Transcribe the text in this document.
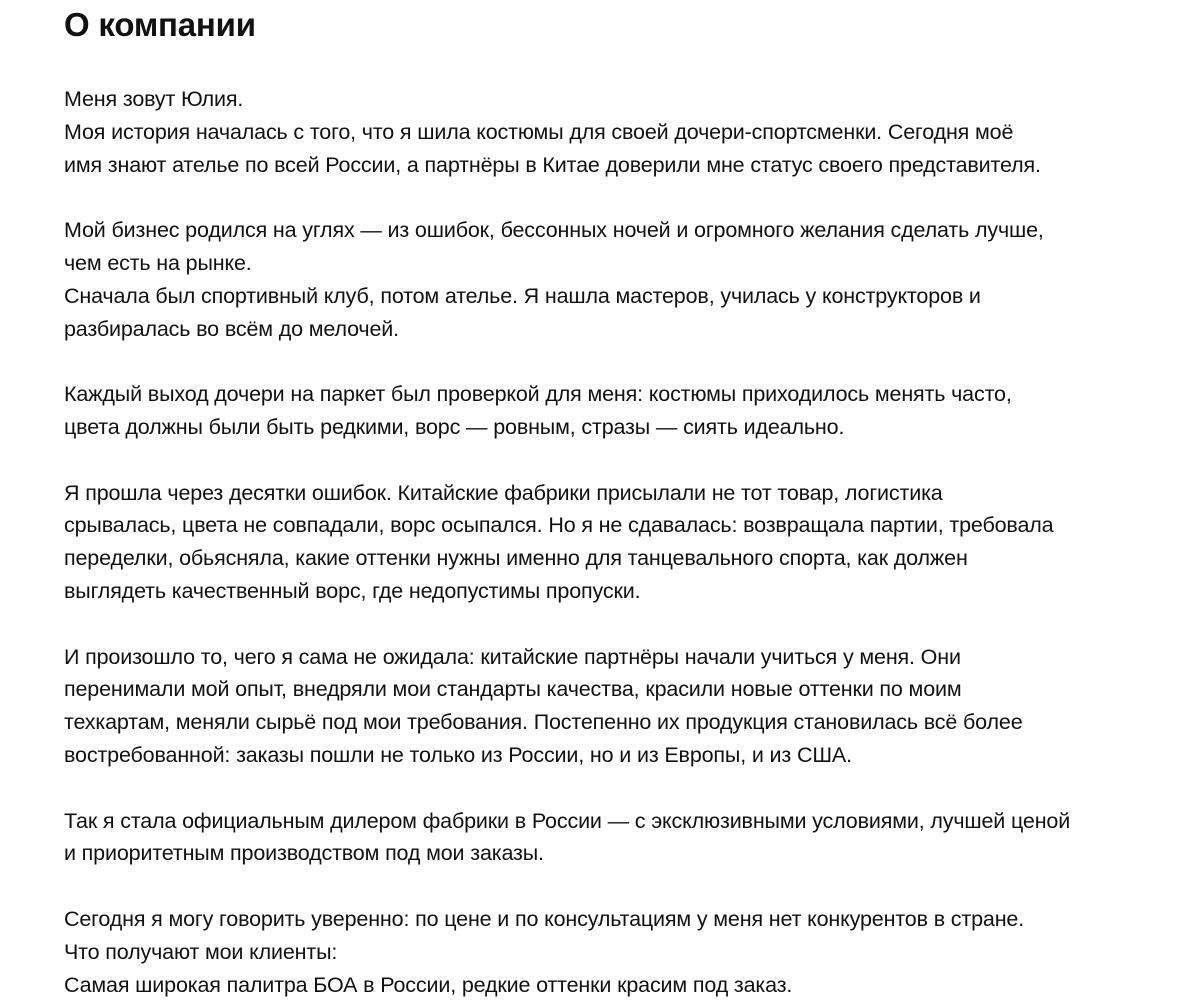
О компании

Меня зовут Юлия.
Моя история началась с того, что я шила костюмы для своей дочери-спортсменки. Сегодня моё
имя знают ателье по всей России, а партнёры в Китае доверили мне статус своего представителя.

Мой бизнес родился на углях — из ошибок, бессонных ночей и огромного желания сделать лучше,
чем есть на рынке.
Сначала был спортивный клуб, потом ателье. Я нашла мастеров, училась у конструкторов и
разбиралась во всём до мелочей.

Каждый выход дочери на паркет был проверкой для меня: костюмы приходилось менять часто,
цвета должны были быть редкими, ворс — ровным, стразы — сиять идеально.

Я прошла через десятки ошибок. Китайские фабрики присылали не тот товар, логистика
срывалась, цвета не совпадали, ворс осыпался. Но я не сдавалась: возвращала партии, требовала
переделки, обьясняла, какие оттенки нужны именно для танцевального спорта, как должен
выглядеть качественный ворс, где недопустимы пропуски.

И произошло то, чего я сама не ожидала: китайские партнёры начали учиться у меня. Они
перенимали мой опыт, внедряли мои стандарты качества, красили новые оттенки по моим
техкартам, меняли сырьё под мои требования. Постепенно их продукция становилась всё более
востребованной: заказы пошли не только из России, но и из Европы, и из США.

Так я стала официальным дилером фабрики в России — с эксклюзивными условиями, лучшей ценой
и приоритетным производством под мои заказы.

Сегодня я могу говорить уверенно: по цене и по консультациям у меня нет конкурентов в стране.
Что получают мои клиенты:
Самая широкая палитра БОА в России, редкие оттенки красим под заказ.
